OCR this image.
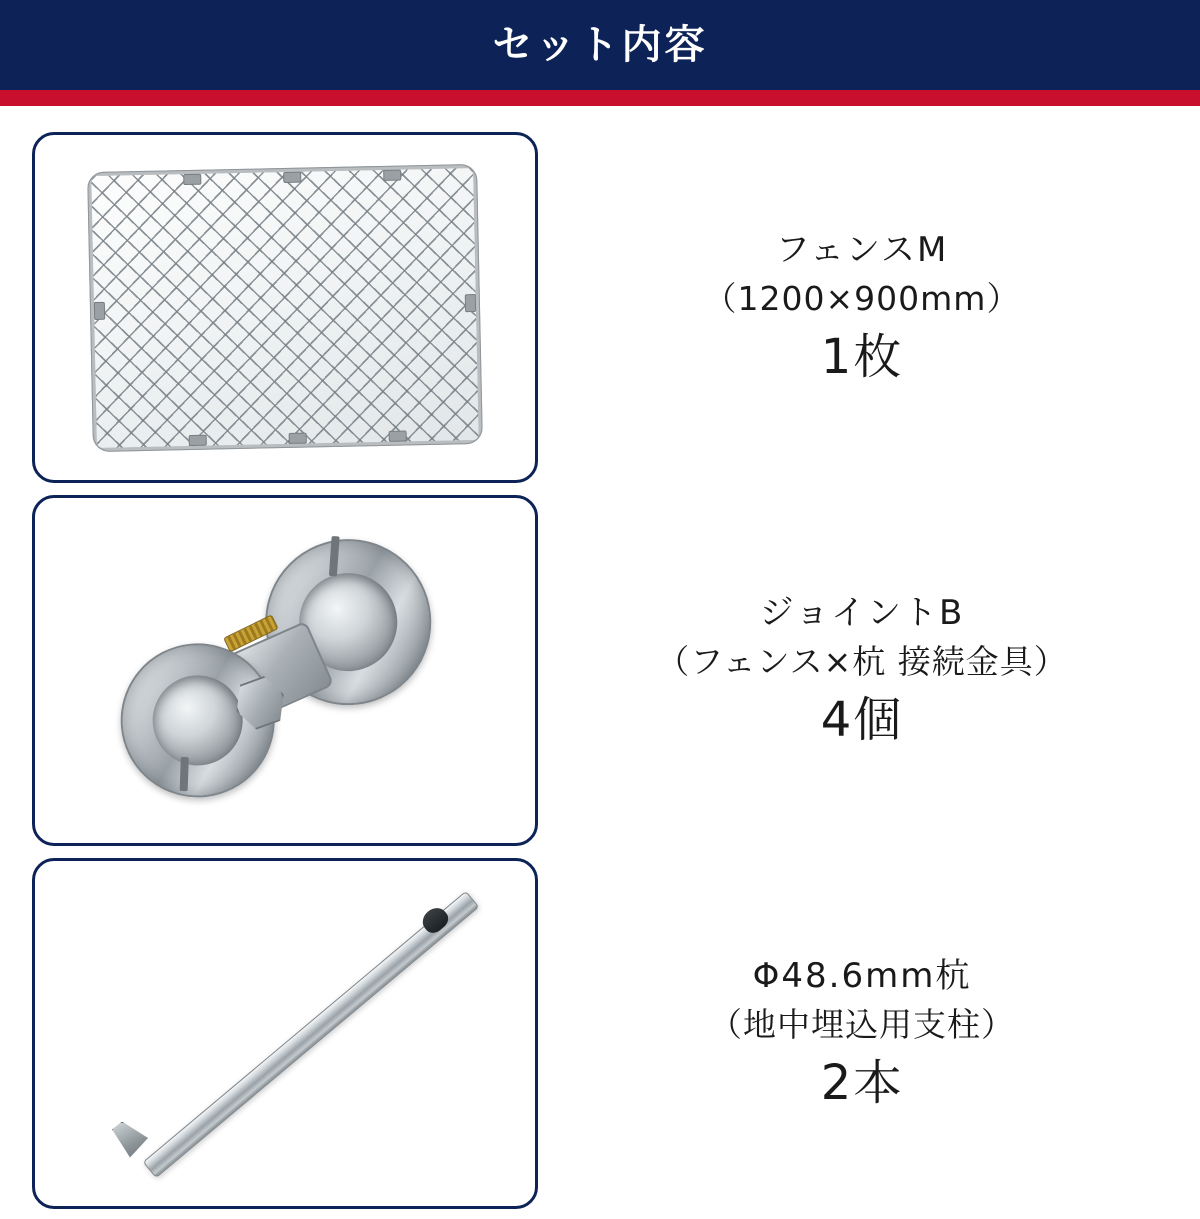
セット内容
フェンスM
（1200×900mm）
1枚
ジョイントB
（フェンス×杭 接続金具）
4個
Φ48.6mm杭
（地中埋込用支柱）
2本
